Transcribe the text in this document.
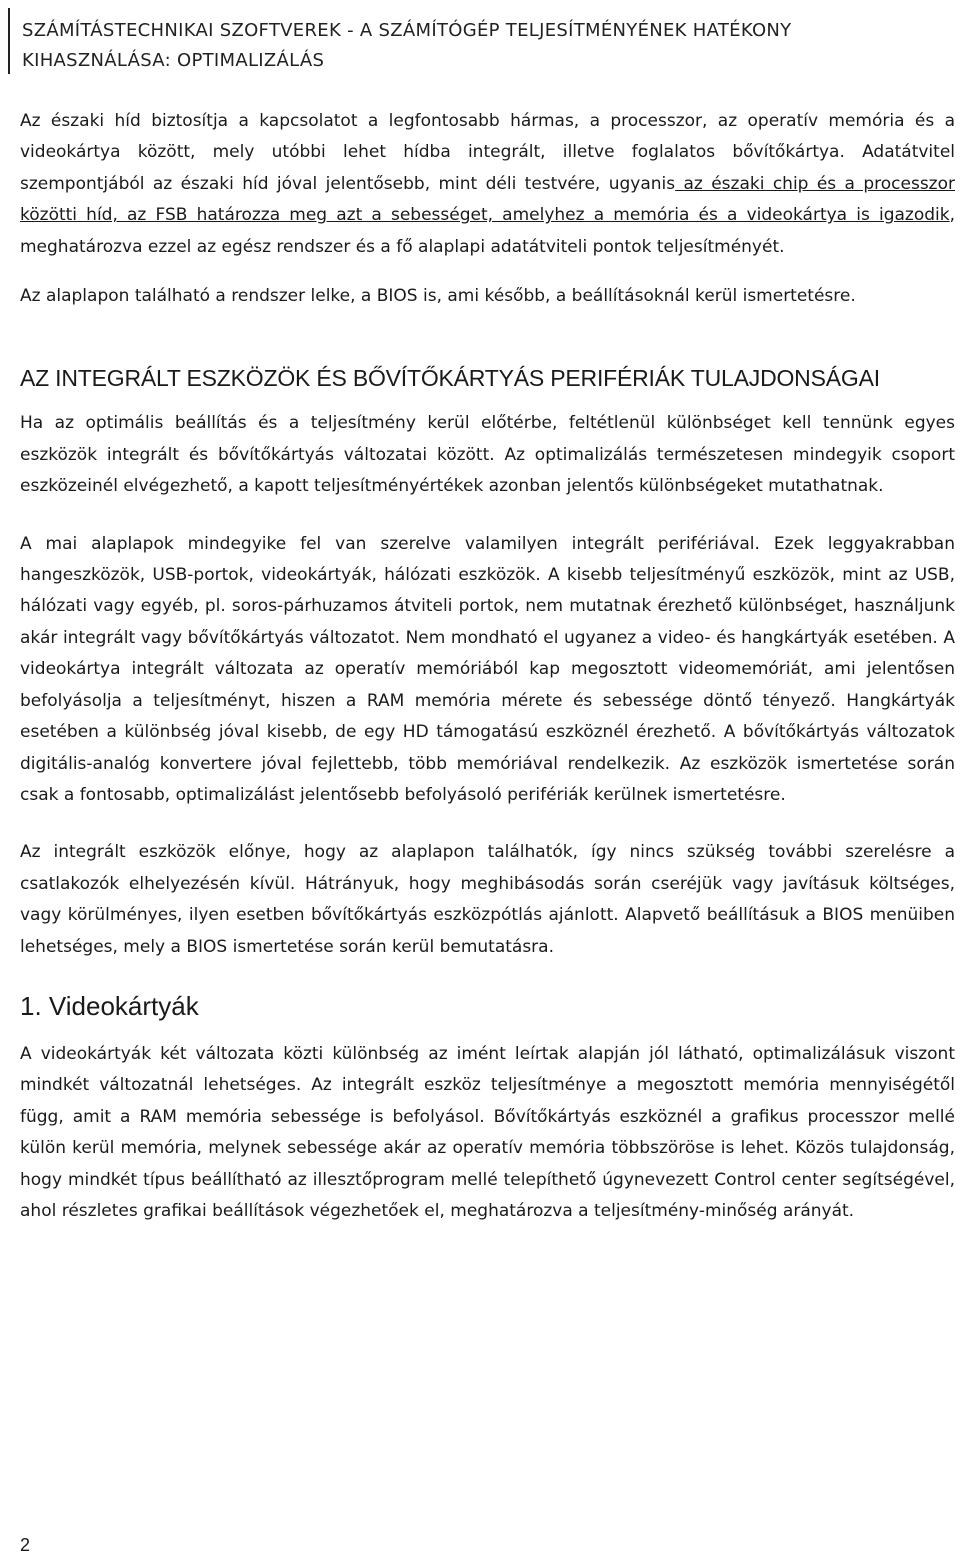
SZÁMÍTÁSTECHNIKAI SZOFTVEREK - A SZÁMÍTÓGÉP TELJESÍTMÉNYÉNEK HATÉKONY
KIHASZNÁLÁSA: OPTIMALIZÁLÁS

Az északi híd biztosítja a kapcsolatot a legfontosabb hármas, a processzor, az operatív memória és a videokártya között, mely utóbbi lehet hídba integrált, illetve foglalatos bővítőkártya. Adatátvitel szempontjából az északi híd jóval jelentősebb, mint déli testvére, ugyanis az északi chip és a processzor közötti híd, az FSB határozza meg azt a sebességet, amelyhez a memória és a videokártya is igazodik, meghatározva ezzel az egész rendszer és a fő alaplapi adatátviteli pontok teljesítményét.

Az alaplapon található a rendszer lelke, a BIOS is, ami később, a beállításoknál kerül ismertetésre.

AZ INTEGRÁLT ESZKÖZÖK ÉS BŐVÍTŐKÁRTYÁS PERIFÉRIÁK TULAJDONSÁGAI

Ha az optimális beállítás és a teljesítmény kerül előtérbe, feltétlenül különbséget kell tennünk egyes eszközök integrált és bővítőkártyás változatai között. Az optimalizálás természetesen mindegyik csoport eszközeinél elvégezhető, a kapott teljesítményértékek azonban jelentős különbségeket mutathatnak.

A mai alaplapok mindegyike fel van szerelve valamilyen integrált perifériával. Ezek leggyakrabban hangeszközök, USB-portok, videokártyák, hálózati eszközök. A kisebb teljesítményű eszközök, mint az USB, hálózati vagy egyéb, pl. soros-párhuzamos átviteli portok, nem mutatnak érezhető különbséget, használjunk akár integrált vagy bővítőkártyás változatot. Nem mondható el ugyanez a video- és hangkártyák esetében. A videokártya integrált változata az operatív memóriából kap megosztott videomemóriát, ami jelentősen befolyásolja a teljesítményt, hiszen a RAM memória mérete és sebessége döntő tényező. Hangkártyák esetében a különbség jóval kisebb, de egy HD támogatású eszköznél érezhető. A bővítőkártyás változatok digitális-analóg konvertere jóval fejlettebb, több memóriával rendelkezik. Az eszközök ismertetése során csak a fontosabb, optimalizálást jelentősebb befolyásoló perifériák kerülnek ismertetésre.

Az integrált eszközök előnye, hogy az alaplapon találhatók, így nincs szükség további szerelésre a csatlakozók elhelyezésén kívül. Hátrányuk, hogy meghibásodás során cseréjük vagy javításuk költséges, vagy körülményes, ilyen esetben bővítőkártyás eszközpótlás ajánlott. Alapvető beállításuk a BIOS menüiben lehetséges, mely a BIOS ismertetése során kerül bemutatásra.

1. Videokártyák

A videokártyák két változata közti különbség az imént leírtak alapján jól látható, optimalizálásuk viszont mindkét változatnál lehetséges. Az integrált eszköz teljesítménye a megosztott memória mennyiségétől függ, amit a RAM memória sebessége is befolyásol. Bővítőkártyás eszköznél a grafikus processzor mellé külön kerül memória, melynek sebessége akár az operatív memória többszöröse is lehet. Közös tulajdonság, hogy mindkét típus beállítható az illesztőprogram mellé telepíthető úgynevezett Control center segítségével, ahol részletes grafikai beállítások végezhetőek el, meghatározva a teljesítmény-minőség arányát.

2
